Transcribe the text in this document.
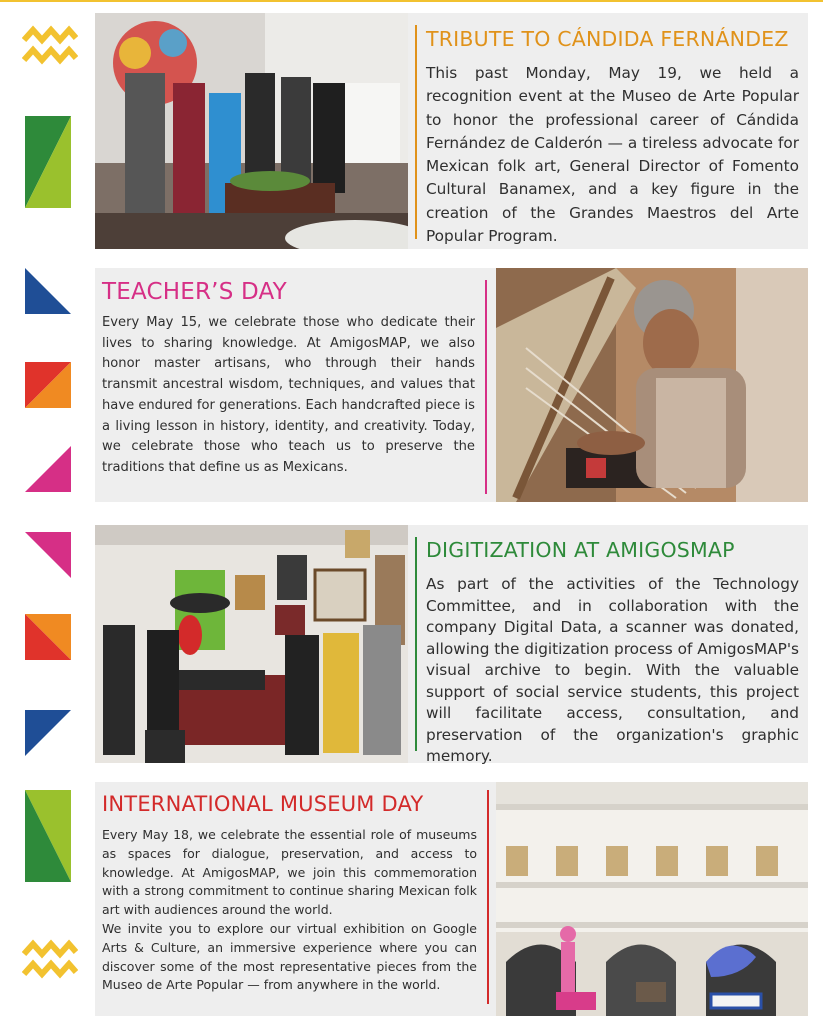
TRIBUTE TO CÁNDIDA FERNÁNDEZ
This past Monday, May 19, we held a recognition event at the Museo de Arte Popular to honor the professional career of Cándida Fernández de Calderón — a tireless advocate for Mexican folk art, General Director of Fomento Cultural Banamex, and a key figure in the creation of the Grandes Maestros del Arte Popular Program.
TEACHER’S DAY
Every May 15, we celebrate those who dedicate their lives to sharing knowledge. At AmigosMAP, we also honor master artisans, who through their hands transmit ancestral wisdom, techniques, and values that have endured for generations. Each handcrafted piece is a living lesson in history, identity, and creativity. Today, we celebrate those who teach us to preserve the traditions that define us as Mexicans.
DIGITIZATION AT AMIGOSMAP
As part of the activities of the Technology Committee, and in collaboration with the company Digital Data, a scanner was donated, allowing the digitization process of AmigosMAP's visual archive to begin. With the valuable support of social service students, this project will facilitate access, consultation, and preservation of the organization's graphic memory.
INTERNATIONAL MUSEUM DAY

Every May 18, we celebrate the essential role of museums as spaces for dialogue, preservation, and access to knowledge. At AmigosMAP, we join this commemoration with a strong commitment to continue sharing Mexican folk art with audiences around the world.

We invite you to explore our virtual exhibition on Google Arts & Culture, an immersive experience where you can discover some of the most representative pieces from the Museo de Arte Popular — from anywhere in the world.
